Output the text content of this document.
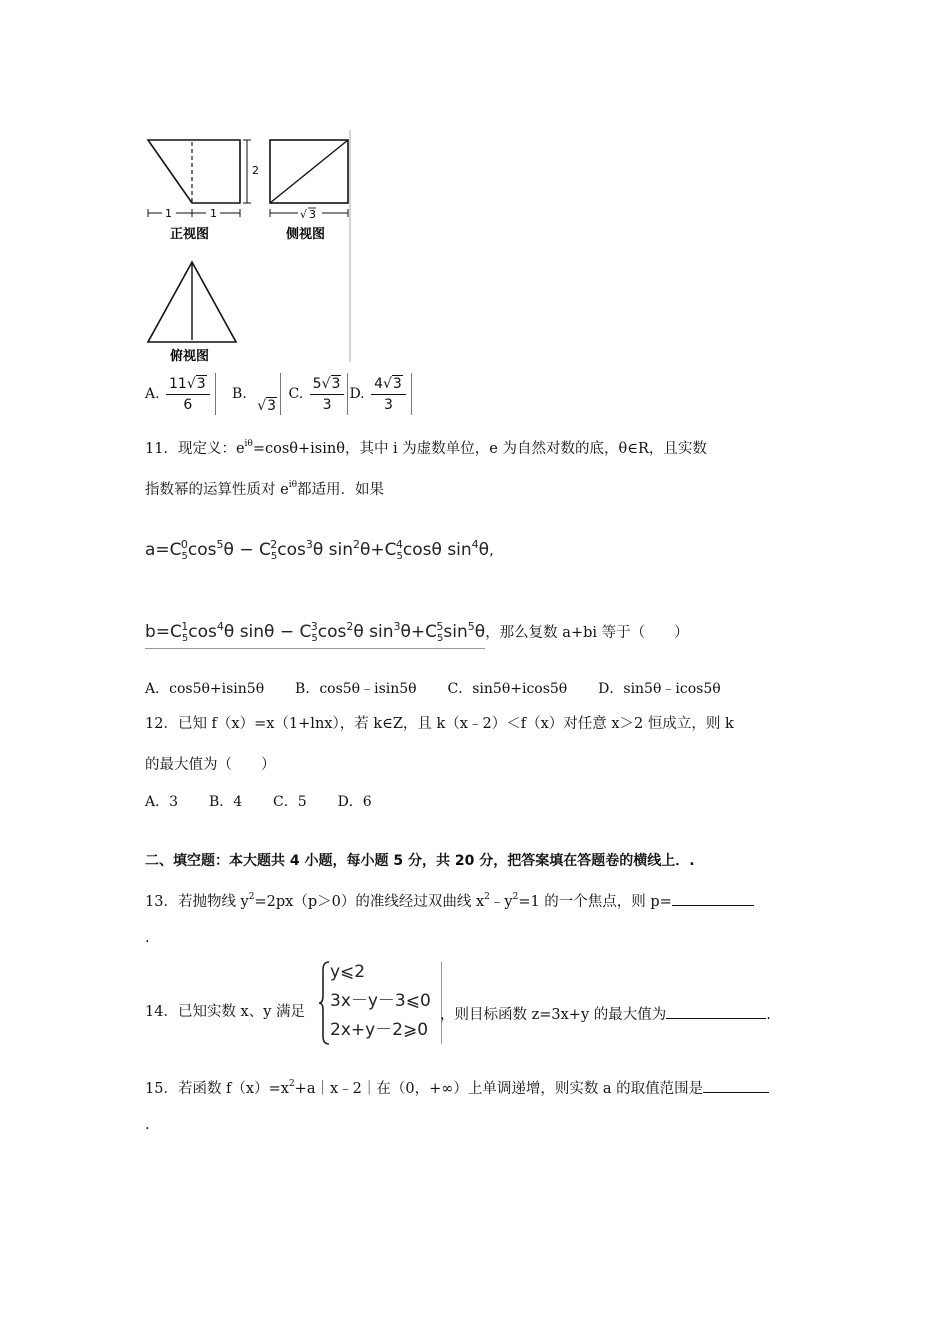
2
1	1	√ 3
正视图	侧视图
俯视图
A. $\frac{11√3}{6} B$. √3 C. $\frac{5√3}{3} D$. $\frac{4√3}{3}$
11．现定义：$e^{i\theta}=\cos\theta+isin\theta$，其中 i 为虚数单位，e 为自然对数的底，θ∈R，且实数
指数幂的运算性质对 $e^{i\theta}$都适用．如果
$a=C_5^0\cos^5\theta - C_5^2\cos^3\theta$ $\sin^2\theta+C_5^4\cos\theta$ $\sin^4\theta$,
$b=C_5^1\cos^4\theta$ $\sin\theta - C_5^3\cos^2\theta$ $\sin^3\theta+C_5^5\sin^5\theta$，那么复数 a+bi 等于（　　）
A．cos5θ+isin5θ B．cos5θ﹣isin5θ C．sin5θ+icos5θ D．sin5θ﹣icos5θ
12．已知 f（x）=x（1+lnx），若 k∈Z，且 k（x﹣2）＜f（x）对任意 x＞2 恒成立，则 k
的最大值为（　　）
A．3 B．4 C．5 D．6
二、填空题：本大题共 4 小题，每小题 5 分，共 20 分，把答案填在答题卷的横线上．.
13．若抛物线 $y^2=2px(p>0)$的准线经过双曲线 $x^2﹣y^2=1$ 的一个焦点，则 p=
.
14．已知实数 x、y 满足
y⩽2
3x－y－3⩽0
2x+y－2⩾0
，则目标函数 z=3x+y 的最大值为	.
15．若函数 $f(x)=x^2+a|x﹣2|$在（0，+∞）上单调递增，则实数 a 的取值范围是
.
